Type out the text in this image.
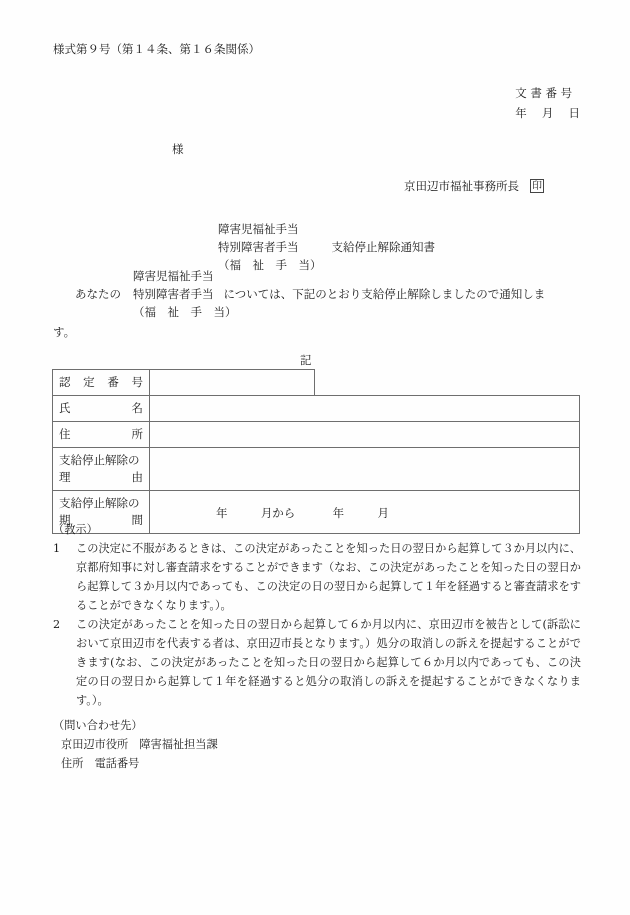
様式第９号（第１４条、第１６条関係）
文 書 番 号
年　 月　 日
様
京田辺市福祉事務所長 印
障害児福祉手当
特別障害者手当
（福　祉　手　当）
支給停止解除通知書
あなたの
障害児福祉手当
特別障害者手当
（福　祉　手　当）
については、下記のとおり支給停止解除しましたので通知しま
す。
記
認 定 番 号		

氏 名		

住 所		

支給停止解除の
理 由		

支給停止解除の
期 間	年 月から 年 月	
（教示）
1	この決定に不服があるときは、この決定があったことを知った日の翌日から起算して３か月以内に、京都府知事に対し審査請求をすることができます（なお、この決定があったことを知った日の翌日から起算して３か月以内であっても、この決定の日の翌日から起算して１年を経過すると審査請求をすることができなくなります。）。
2	この決定があったことを知った日の翌日から起算して６か月以内に、京田辺市を被告として(訴訟において京田辺市を代表する者は、京田辺市長となります。）処分の取消しの訴えを提起することができます(なお、この決定があったことを知った日の翌日から起算して６か月以内であっても、この決定の日の翌日から起算して１年を経過すると処分の取消しの訴えを提起することができなくなります。）。
（問い合わせ先）
京田辺市役所　障害福祉担当課
住所　電話番号
